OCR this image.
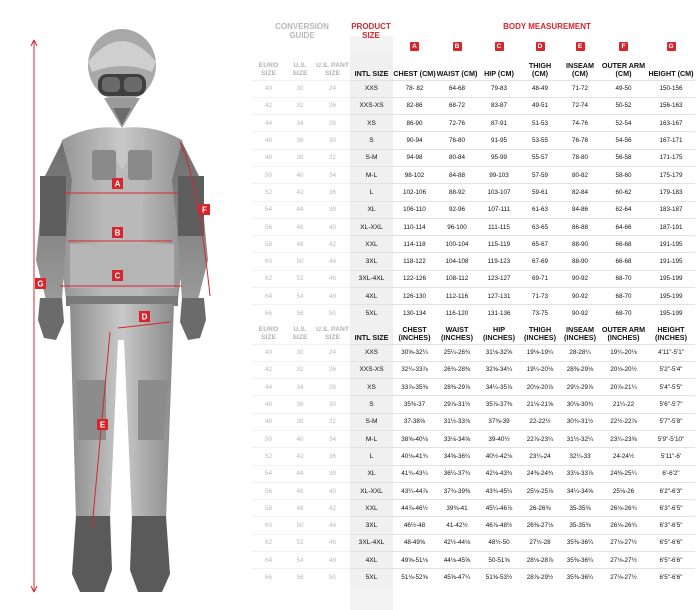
A
B
C
D
E
F
G
CONVERSION GUIDE
PRODUCT SIZE
BODY MEASUREMENT
				A	B	C	D	E	F	G
EURO SIZE	U.S. SIZE	U.S. PANT SIZE	INTL SIZE	CHEST (CM)	WAIST (CM)	HIP (CM)	THIGH (CM)	INSEAM (CM)	OUTER ARM (CM)	HEIGHT (CM)
40	30	24	XXS	78- 82	64-68	79-83	48-49	71-72	49-50	150-156
42	32	26	XXS-XS	82-86	68-72	83-87	49-51	72-74	50-52	156-163
44	34	28	XS	86-90	72-76	87-91	51-53	74-76	52-54	163-167
46	36	30	S	90-94	76-80	91-95	53-55	76-78	54-56	167-171
48	38	32	S-M	94-98	80-84	95-99	55-57	78-80	56-58	171-175
50	40	34	M-L	98-102	84-88	99-103	57-59	80-82	58-60	175-179
52	42	36	L	102-106	88-92	103-107	59-61	82-84	60-62	179-183
54	44	38	XL	106-110	92-96	107-111	61-63	84-86	62-64	183-187
56	46	40	XL-XXL	110-114	96-100	111-115	63-65	86-88	64-66	187-191
58	48	42	XXL	114-118	100-104	115-119	65-67	88-90	66-68	191-195
60	50	44	3XL	118-122	104-108	119-123	67-69	88-90	66-68	191-195
62	52	46	3XL-4XL	122-126	108-112	123-127	69-71	90-92	68-70	195-199
64	54	48	4XL	126-130	112-116	127-131	71-73	90-92	68-70	195-199
66	56	50	5XL	130-134	116-120	131-136	73-75	90-92	68-70	195-199
EURO SIZE	U.S. SIZE	U.S. PANT SIZE	INTL SIZE	CHEST (INCHES)	WAIST (INCHES)	HIP (INCHES)	THIGH (INCHES)	INSEAM (INCHES)	OUTER ARM (INCHES)	HEIGHT (INCHES)
40	30	24	XXS	30⅝-32¼	25¼-26¾	31⅛-32⅝	19⅛-19¼	28-28¼	19¼-20⅛	4'11"-5'1"
42	32	26	XXS-XS	32¼-33⅞	26¾-28⅜	32⅝-34¼	19¼-20⅛	28⅜-29⅛	20⅛-20½	5'2"-5'4"
44	34	28	XS	33⅞-35⅜	28⅜-29⅞	34¼-35⅞	20⅛-20⅞	29½-29⅞	20⅞-21¼	5'4"-5'5"
46	36	30	S	35⅜-37	29⅞-31½	35⅞-37⅜	21⅛-21⅝	30⅛-30¾	21¼-22	5'6"-5'7"
48	38	32	S-M	37-38⅝	31½-33⅛	37⅜-39	22-22½	30¾-31½	22½-22⅞	5'7"-5'8"
50	40	34	M-L	38⅝-40⅛	33⅛-34⅝	39-40½	22⅞-23¼	31½-32¼	23¼-23⅝	5'9"-5'10"
52	42	36	L	40⅛-41¾	34⅝-36¼	40½-42⅛	23¼-24	32¼-33	24-24½	5'11"-6'
54	44	38	XL	41¾-43¼	36¼-37¾	42⅛-43¾	24⅜-24¾	33⅛-33⅞	24⅜-25¼	6'-6'2"
56	46	40	XL-XXL	43¼-44⅞	37¾-39⅜	43¾-45¼	25⅛-25⅞	34¼-34⅝	25⅛-26	6'2"-6'3"
58	48	42	XXL	44⅞-46½	39⅜-41	45¼-46⅞	26-26⅜	35-35⅜	26⅛-26¾	6'3"-6'5"
60	50	44	3XL	46½-48	41-42½	46⅞-48½	26⅜-27⅛	35-35⅜	26⅛-26¾	6'3"-6'5"
62	52	46	3XL-4XL	48-49⅝	42½-44⅛	48½-50	27½-28	35⅜-36¼	27⅛-27½	6'5"-6'6"
64	54	48	4XL	49⅝-51⅛	44⅛-45⅝	50-51⅝	28⅛-28⅞	35⅜-36¼	27⅛-27½	6'5"-6'6"
66	56	50	5XL	51⅛-52⅝	45⅝-47¼	51⅝-53½	28⅞-29½	35⅜-36¼	27⅛-27½	6'5"-6'6"
